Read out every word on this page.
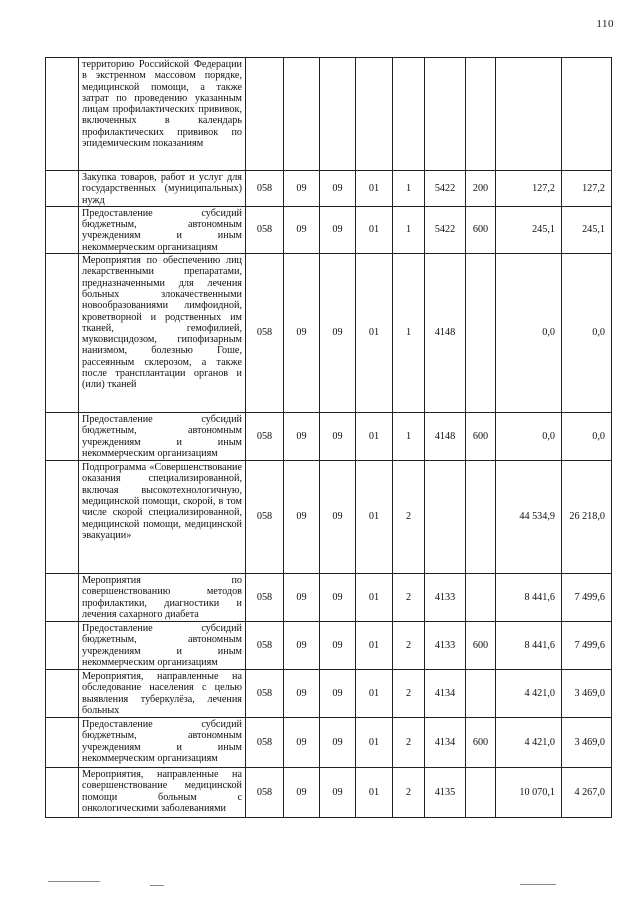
110
	территорию Российской Федерации в экстренном массовом порядке, медицинской помощи, а также затрат по проведению указанным лицам профилактических прививок, включенных в календарь профилактических прививок по эпидемическим показаниям									
	Закупка товаров, работ и услуг для государственных (муниципальных) нужд	058	09	09	01	1	5422	200	127,2	127,2
	Предоставление субсидий бюджетным, автономным учреждениям и иным некоммерческим организациям	058	09	09	01	1	5422	600	245,1	245,1
	Мероприятия по обеспечению лиц лекарственными препаратами, предназначенными для лечения больных злокачественными новообразованиями лимфоидной, кроветворной и родственных им тканей, гемофилией, муковисцидозом, гипофизарным нанизмом, болезнью Гоше, рассеянным склерозом, а также после трансплантации органов и (или) тканей	058	09	09	01	1	4148		0,0	0,0
	Предоставление субсидий бюджетным, автономным учреждениям и иным некоммерческим организациям	058	09	09	01	1	4148	600	0,0	0,0
	Подпрограмма «Совершенствование оказания специализированной, включая высокотехнологичную, медицинской помощи, скорой, в том числе скорой специализированной, медицинской помощи, медицинской эвакуации»	058	09	09	01	2			44 534,9	26 218,0
	Мероприятия по совершенствованию методов профилактики, диагностики и лечения сахарного диабета	058	09	09	01	2	4133		8 441,6	7 499,6
	Предоставление субсидий бюджетным, автономным учреждениям и иным некоммерческим организациям	058	09	09	01	2	4133	600	8 441,6	7 499,6
	Мероприятия, направленные на обследование населения с целью выявления туберкулёза, лечения больных	058	09	09	01	2	4134		4 421,0	3 469,0
	Предоставление субсидий бюджетным, автономным учреждениям и иным некоммерческим организациям	058	09	09	01	2	4134	600	4 421,0	3 469,0
	Мероприятия, направленные на совершенствование медицинской помощи больным с онкологическими заболеваниями	058	09	09	01	2	4135		10 070,1	4 267,0
